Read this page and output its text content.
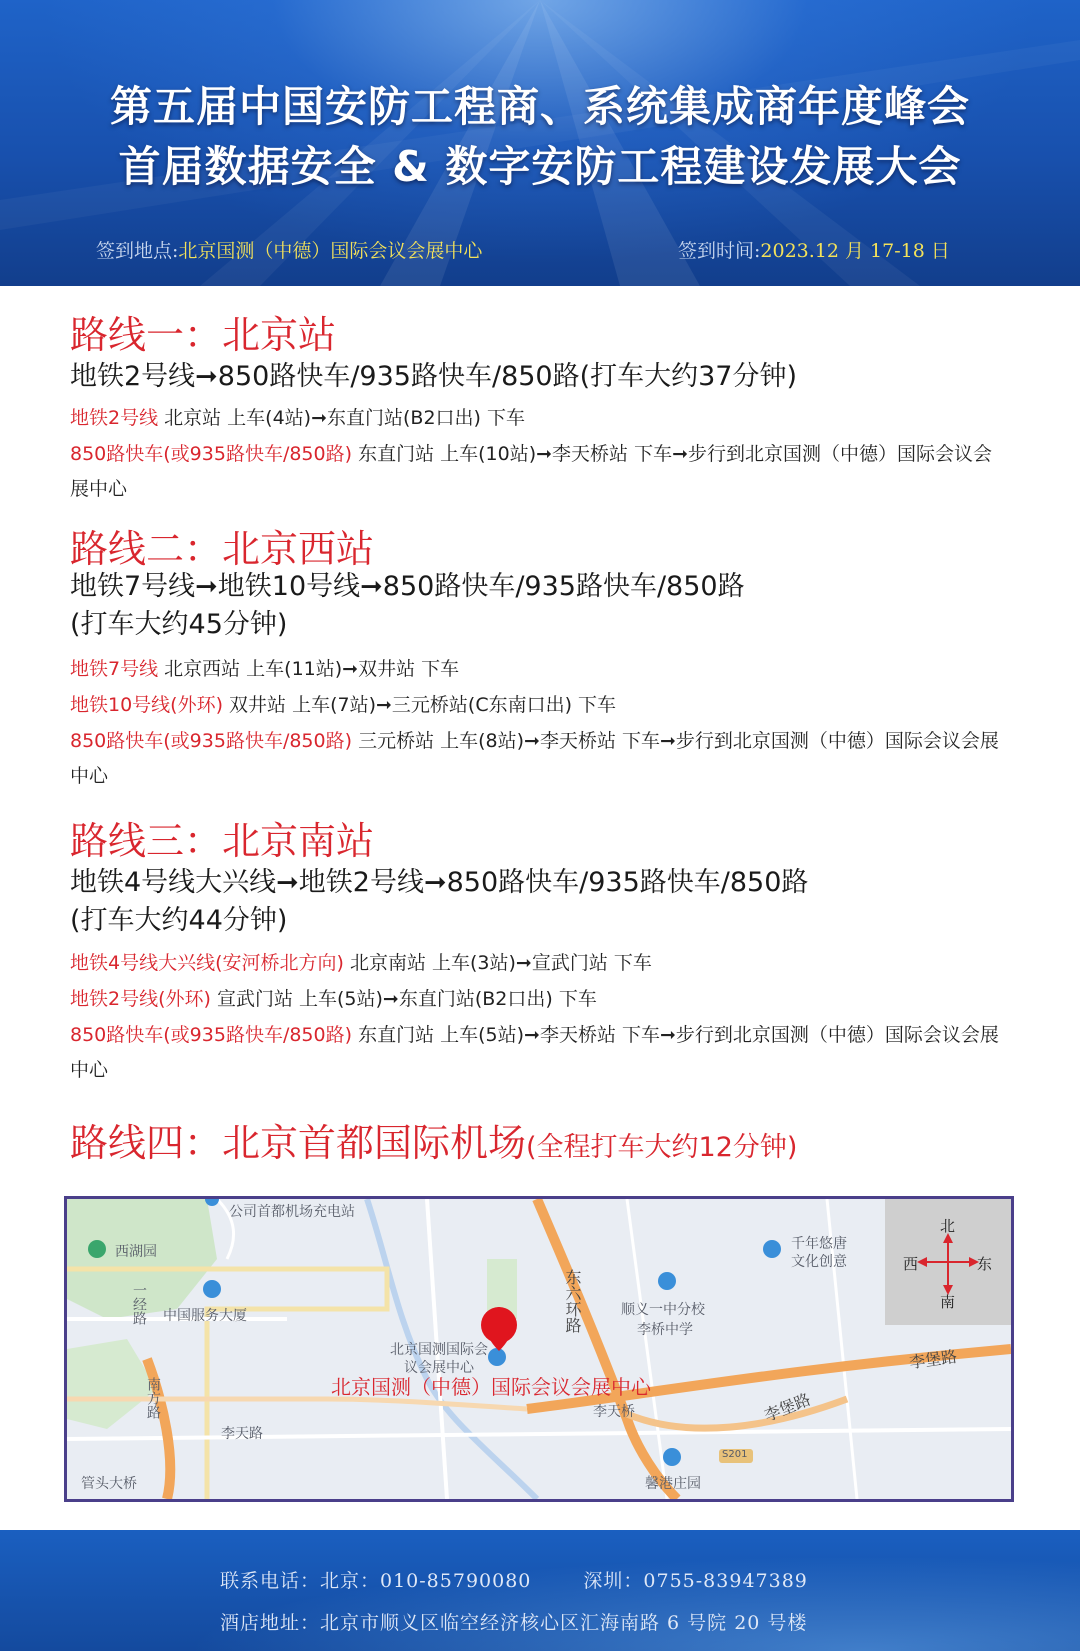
第五届中国安防工程商、系统集成商年度峰会
首届数据安全 & 数字安防工程建设发展大会
签到地点:北京国测（中德）国际会议会展中心	签到时间:2023.12 月 17-18 日
路线一：北京站
地铁2号线➞850路快车/935路快车/850路(打车大约37分钟)
地铁2号线 北京站 上车(4站)➞东直门站(B2口出) 下车
850路快车(或935路快车/850路) 东直门站 上车(10站)➞李天桥站 下车➞步行到北京国测（中德）国际会议会展中心
路线二：北京西站
地铁7号线➞地铁10号线➞850路快车/935路快车/850路
(打车大约45分钟)
地铁7号线 北京西站 上车(11站)➞双井站 下车
地铁10号线(外环) 双井站 上车(7站)➞三元桥站(C东南口出) 下车
850路快车(或935路快车/850路) 三元桥站 上车(8站)➞李天桥站 下车➞步行到北京国测（中德）国际会议会展中心
路线三：北京南站
地铁4号线大兴线➞地铁2号线➞850路快车/935路快车/850路
(打车大约44分钟)
地铁4号线大兴线(安河桥北方向) 北京南站 上车(3站)➞宣武门站 下车
地铁2号线(外环) 宣武门站 上车(5站)➞东直门站(B2口出) 下车
850路快车(或935路快车/850路) 东直门站 上车(5站)➞李天桥站 下车➞步行到北京国测（中德）国际会议会展中心
路线四：北京首都国际机场(全程打车大约12分钟)
公司首都机场充电站
西湖园
一经路 中国服务大厦
南方路
李天路
管头大桥
北京国测国际会议会展中心
北京国测（中德）国际会议会展中心
东六环路	顺义一中分校
李桥中学
千年悠唐文化创意
李堡路
李堡路
李天桥
S201
馨港庄园
北
南
西	东
联系电话：北京：010-85790080	深圳：0755-83947389
酒店地址：北京市顺义区临空经济核心区汇海南路 6 号院 20 号楼
